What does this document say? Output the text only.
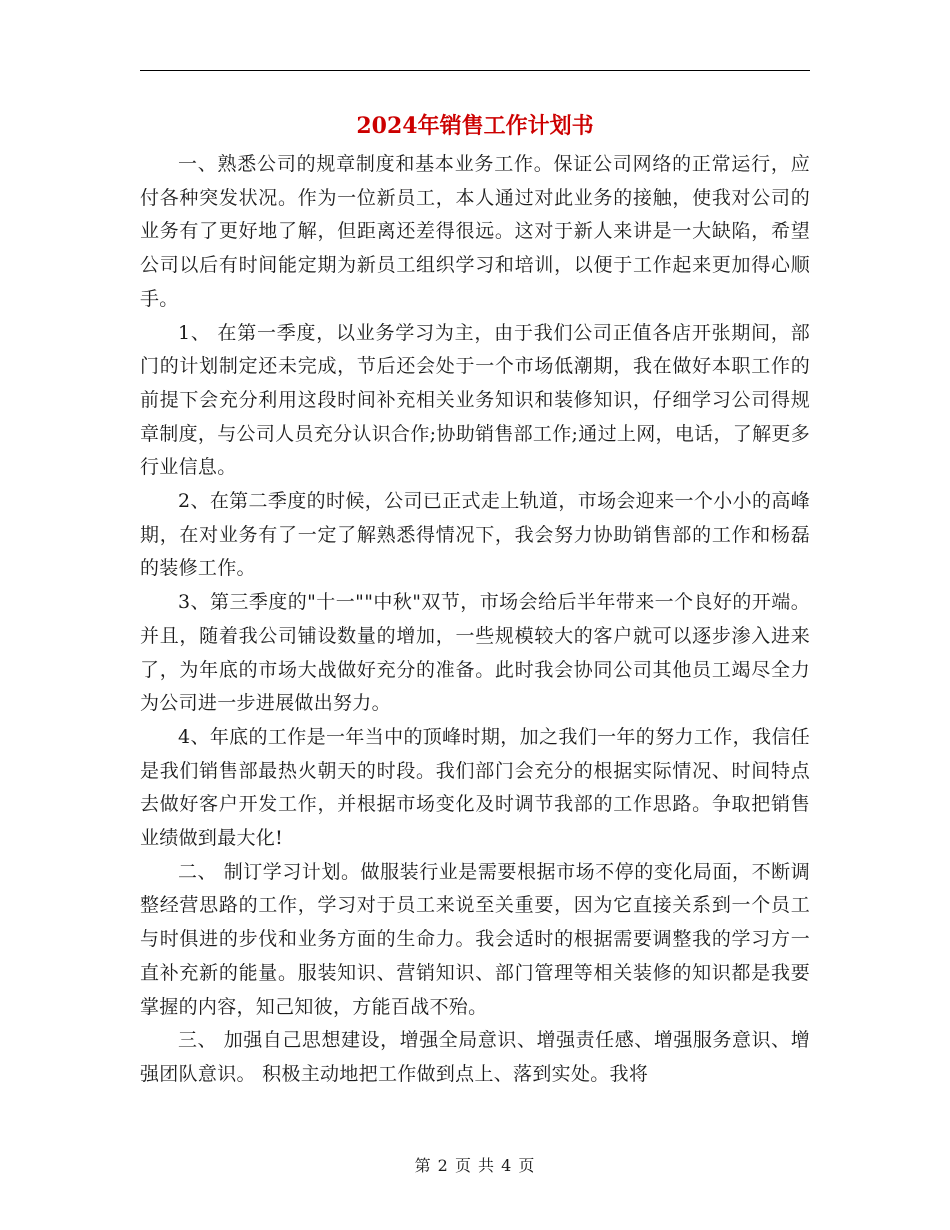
2024年销售工作计划书

一、熟悉公司的规章制度和基本业务工作。保证公司网络的正常运行，应付各种突发状况。作为一位新员工，本人通过对此业务的接触，使我对公司的业务有了更好地了解，但距离还差得很远。这对于新人来讲是一大缺陷，希望公司以后有时间能定期为新员工组织学习和培训，以便于工作起来更加得心顺手。

1、 在第一季度，以业务学习为主，由于我们公司正值各店开张期间，部门的计划制定还未完成，节后还会处于一个市场低潮期，我在做好本职工作的前提下会充分利用这段时间补充相关业务知识和装修知识，仔细学习公司得规章制度，与公司人员充分认识合作;协助销售部工作;通过上网，电话，了解更多行业信息。

2、在第二季度的时候，公司已正式走上轨道，市场会迎来一个小小的高峰期，在对业务有了一定了解熟悉得情况下，我会努力协助销售部的工作和杨磊的装修工作。

3、第三季度的"十一""中秋"双节，市场会给后半年带来一个良好的开端。并且，随着我公司铺设数量的增加，一些规模较大的客户就可以逐步渗入进来了，为年底的市场大战做好充分的准备。此时我会协同公司其他员工竭尽全力为公司进一步进展做出努力。

4、年底的工作是一年当中的顶峰时期，加之我们一年的努力工作，我信任是我们销售部最热火朝天的时段。我们部门会充分的根据实际情况、时间特点去做好客户开发工作，并根据市场变化及时调节我部的工作思路。争取把销售业绩做到最大化!

二、 制订学习计划。做服装行业是需要根据市场不停的变化局面，不断调整经营思路的工作，学习对于员工来说至关重要，因为它直接关系到一个员工与时俱进的步伐和业务方面的生命力。我会适时的根据需要调整我的学习方一直补充新的能量。服装知识、营销知识、部门管理等相关装修的知识都是我要掌握的内容，知己知彼，方能百战不殆。

三、 加强自己思想建设，增强全局意识、增强责任感、增强服务意识、增强团队意识。 积极主动地把工作做到点上、落到实处。我将

第 2 页 共 4 页
